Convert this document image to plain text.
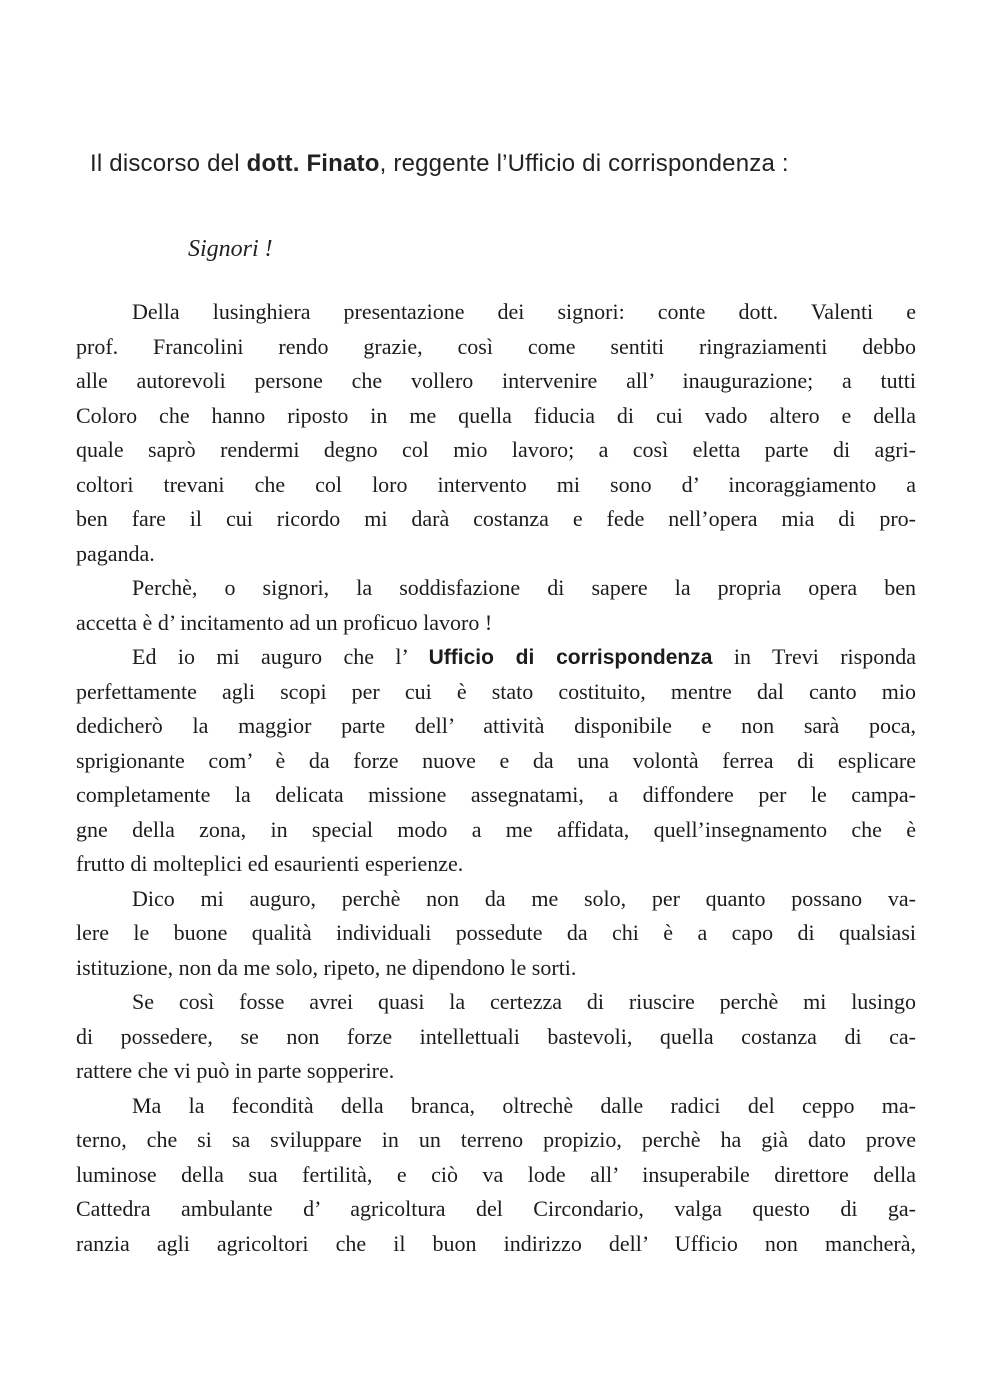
Il discorso del dott. Finato, reggente l’Ufficio di corrispondenza :
Signori !
Della lusinghiera presentazione dei signori: conte dott. Valenti e
prof. Francolini rendo grazie, così come sentiti ringraziamenti debbo
alle autorevoli persone che vollero intervenire all’ inaugurazione; a tutti
Coloro che hanno riposto in me quella fiducia di cui vado altero e della
quale saprò rendermi degno col mio lavoro; a così eletta parte di agri-
coltori trevani che col loro intervento mi sono d’ incoraggiamento a
ben fare il cui ricordo mi darà costanza e fede nell’opera mia di pro-
paganda.
Perchè, o signori, la soddisfazione di sapere la propria opera ben
accetta è d’ incitamento ad un proficuo lavoro !
Ed io mi auguro che l’ Ufficio di corrispondenza in Trevi risponda
perfettamente agli scopi per cui è stato costituito, mentre dal canto mio
dedicherò la maggior parte dell’ attività disponibile e non sarà poca,
sprigionante com’ è da forze nuove e da una volontà ferrea di esplicare
completamente la delicata missione assegnatami, a diffondere per le campa-
gne della zona, in special modo a me affidata, quell’insegnamento che è
frutto di molteplici ed esaurienti esperienze.
Dico mi auguro, perchè non da me solo, per quanto possano va-
lere le buone qualità individuali possedute da chi è a capo di qualsiasi
istituzione, non da me solo, ripeto, ne dipendono le sorti.
Se così fosse avrei quasi la certezza di riuscire perchè mi lusingo
di possedere, se non forze intellettuali bastevoli, quella costanza di ca-
rattere che vi può in parte sopperire.
Ma la fecondità della branca, oltrechè dalle radici del ceppo ma-
terno, che si sa sviluppare in un terreno propizio, perchè ha già dato prove
luminose della sua fertilità, e ciò va lode all’ insuperabile direttore della
Cattedra ambulante d’ agricoltura del Circondario, valga questo di ga-
ranzia agli agricoltori che il buon indirizzo dell’ Ufficio non mancherà,
